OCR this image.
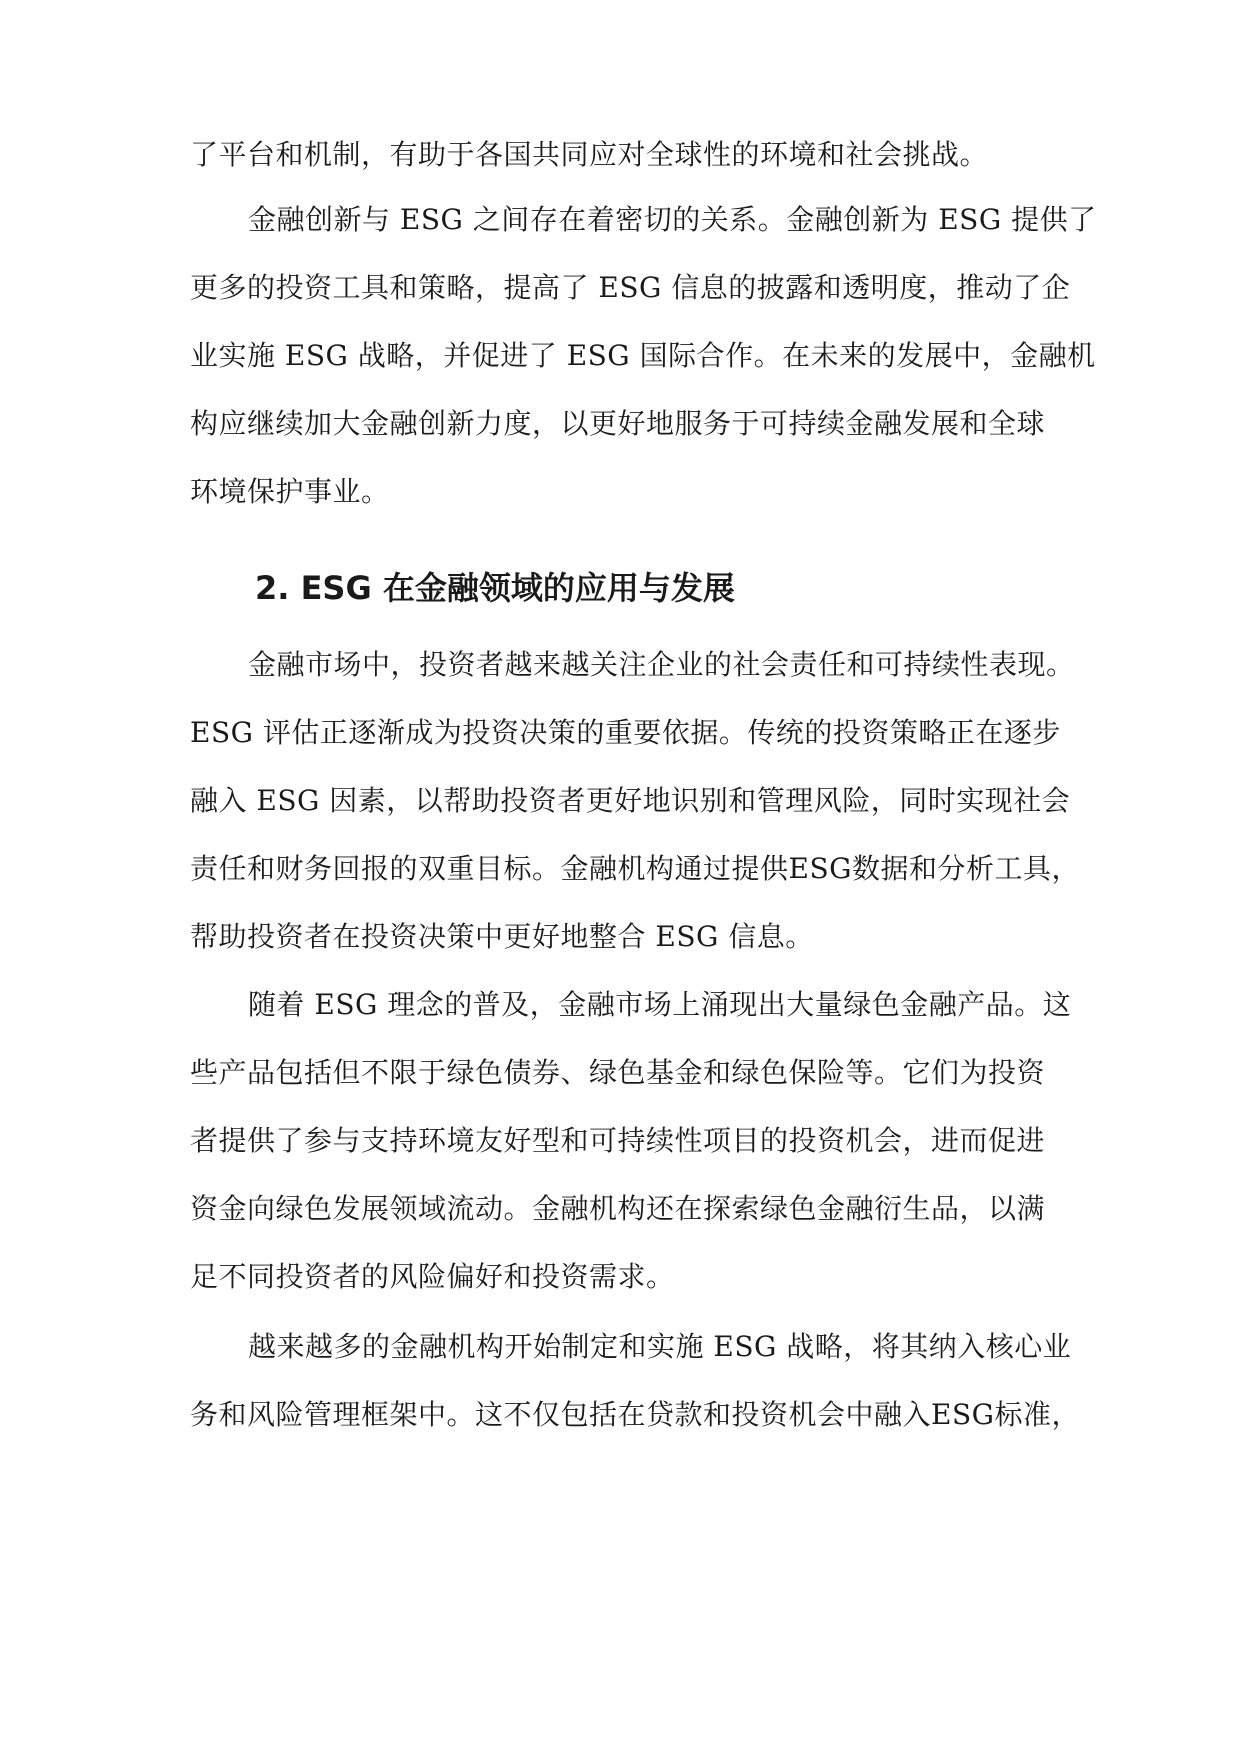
了平台和机制，有助于各国共同应对全球性的环境和社会挑战。
金融创新与 ESG 之间存在着密切的关系。金融创新为 ESG 提供了
更多的投资工具和策略，提高了 ESG 信息的披露和透明度，推动了企
业实施 ESG 战略，并促进了 ESG 国际合作。在未来的发展中，金融机
构应继续加大金融创新力度，以更好地服务于可持续金融发展和全球
环境保护事业。
2. ESG 在金融领域的应用与发展
金融市场中，投资者越来越关注企业的社会责任和可持续性表现。
ESG 评估正逐渐成为投资决策的重要依据。传统的投资策略正在逐步
融入 ESG 因素，以帮助投资者更好地识别和管理风险，同时实现社会
责任和财务回报的双重目标。金融机构通过提供ESG数据和分析工具，
帮助投资者在投资决策中更好地整合 ESG 信息。
随着 ESG 理念的普及，金融市场上涌现出大量绿色金融产品。这
些产品包括但不限于绿色债券、绿色基金和绿色保险等。它们为投资
者提供了参与支持环境友好型和可持续性项目的投资机会，进而促进
资金向绿色发展领域流动。金融机构还在探索绿色金融衍生品，以满
足不同投资者的风险偏好和投资需求。
越来越多的金融机构开始制定和实施 ESG 战略，将其纳入核心业
务和风险管理框架中。这不仅包括在贷款和投资机会中融入ESG标准，
